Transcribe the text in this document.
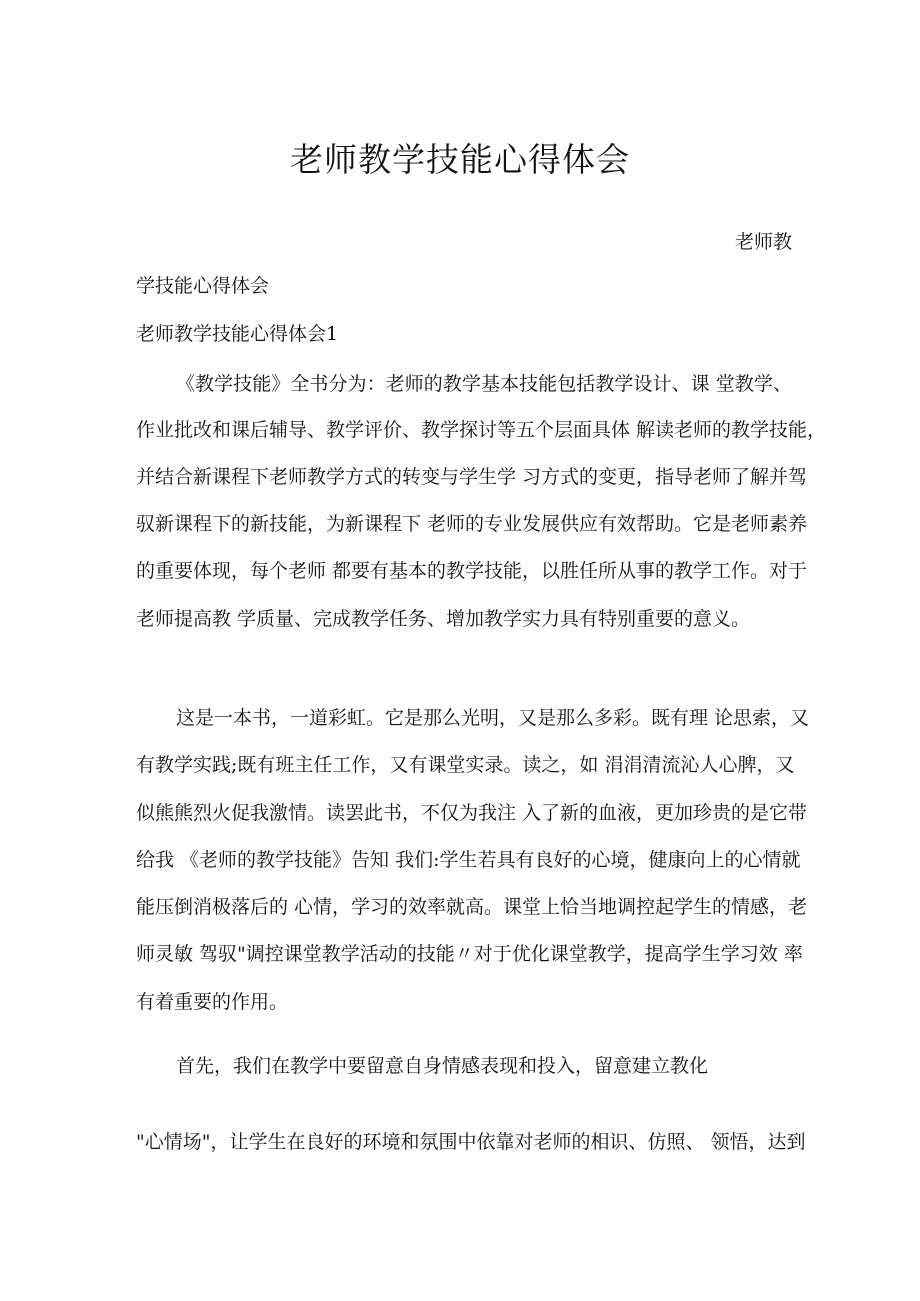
老师教学技能心得体会
老师教
学技能心得体会
老师教学技能心得体会1
《教学技能》全书分为：老师的教学基本技能包括教学设计、课 堂教学、
作业批改和课后辅导、教学评价、教学探讨等五个层面具体 解读老师的教学技能，
并结合新课程下老师教学方式的转变与学生学 习方式的变更，指导老师了解并驾
驭新课程下的新技能，为新课程下 老师的专业发展供应有效帮助。它是老师素养
的重要体现，每个老师 都要有基本的教学技能，以胜任所从事的教学工作。对于
老师提高教 学质量、完成教学任务、增加教学实力具有特别重要的意义。
这是一本书，一道彩虹。它是那么光明，又是那么多彩。既有理 论思索，又
有教学实践;既有班主任工作，又有课堂实录。读之，如 涓涓清流沁人心脾，又
似熊熊烈火促我激情。读罢此书，不仅为我注 入了新的血液，更加珍贵的是它带
给我 《老师的教学技能》告知 我们:学生若具有良好的心境，健康向上的心情就
能压倒消极落后的 心情，学习的效率就高。课堂上恰当地调控起学生的情感，老
师灵敏 驾驭"调控课堂教学活动的技能〃对于优化课堂教学，提高学生学习效 率
有着重要的作用。
首先，我们在教学中要留意自身情感表现和投入，留意建立教化
"心情场"，让学生在良好的环境和氛围中依靠对老师的相识、仿照、 领悟，达到
